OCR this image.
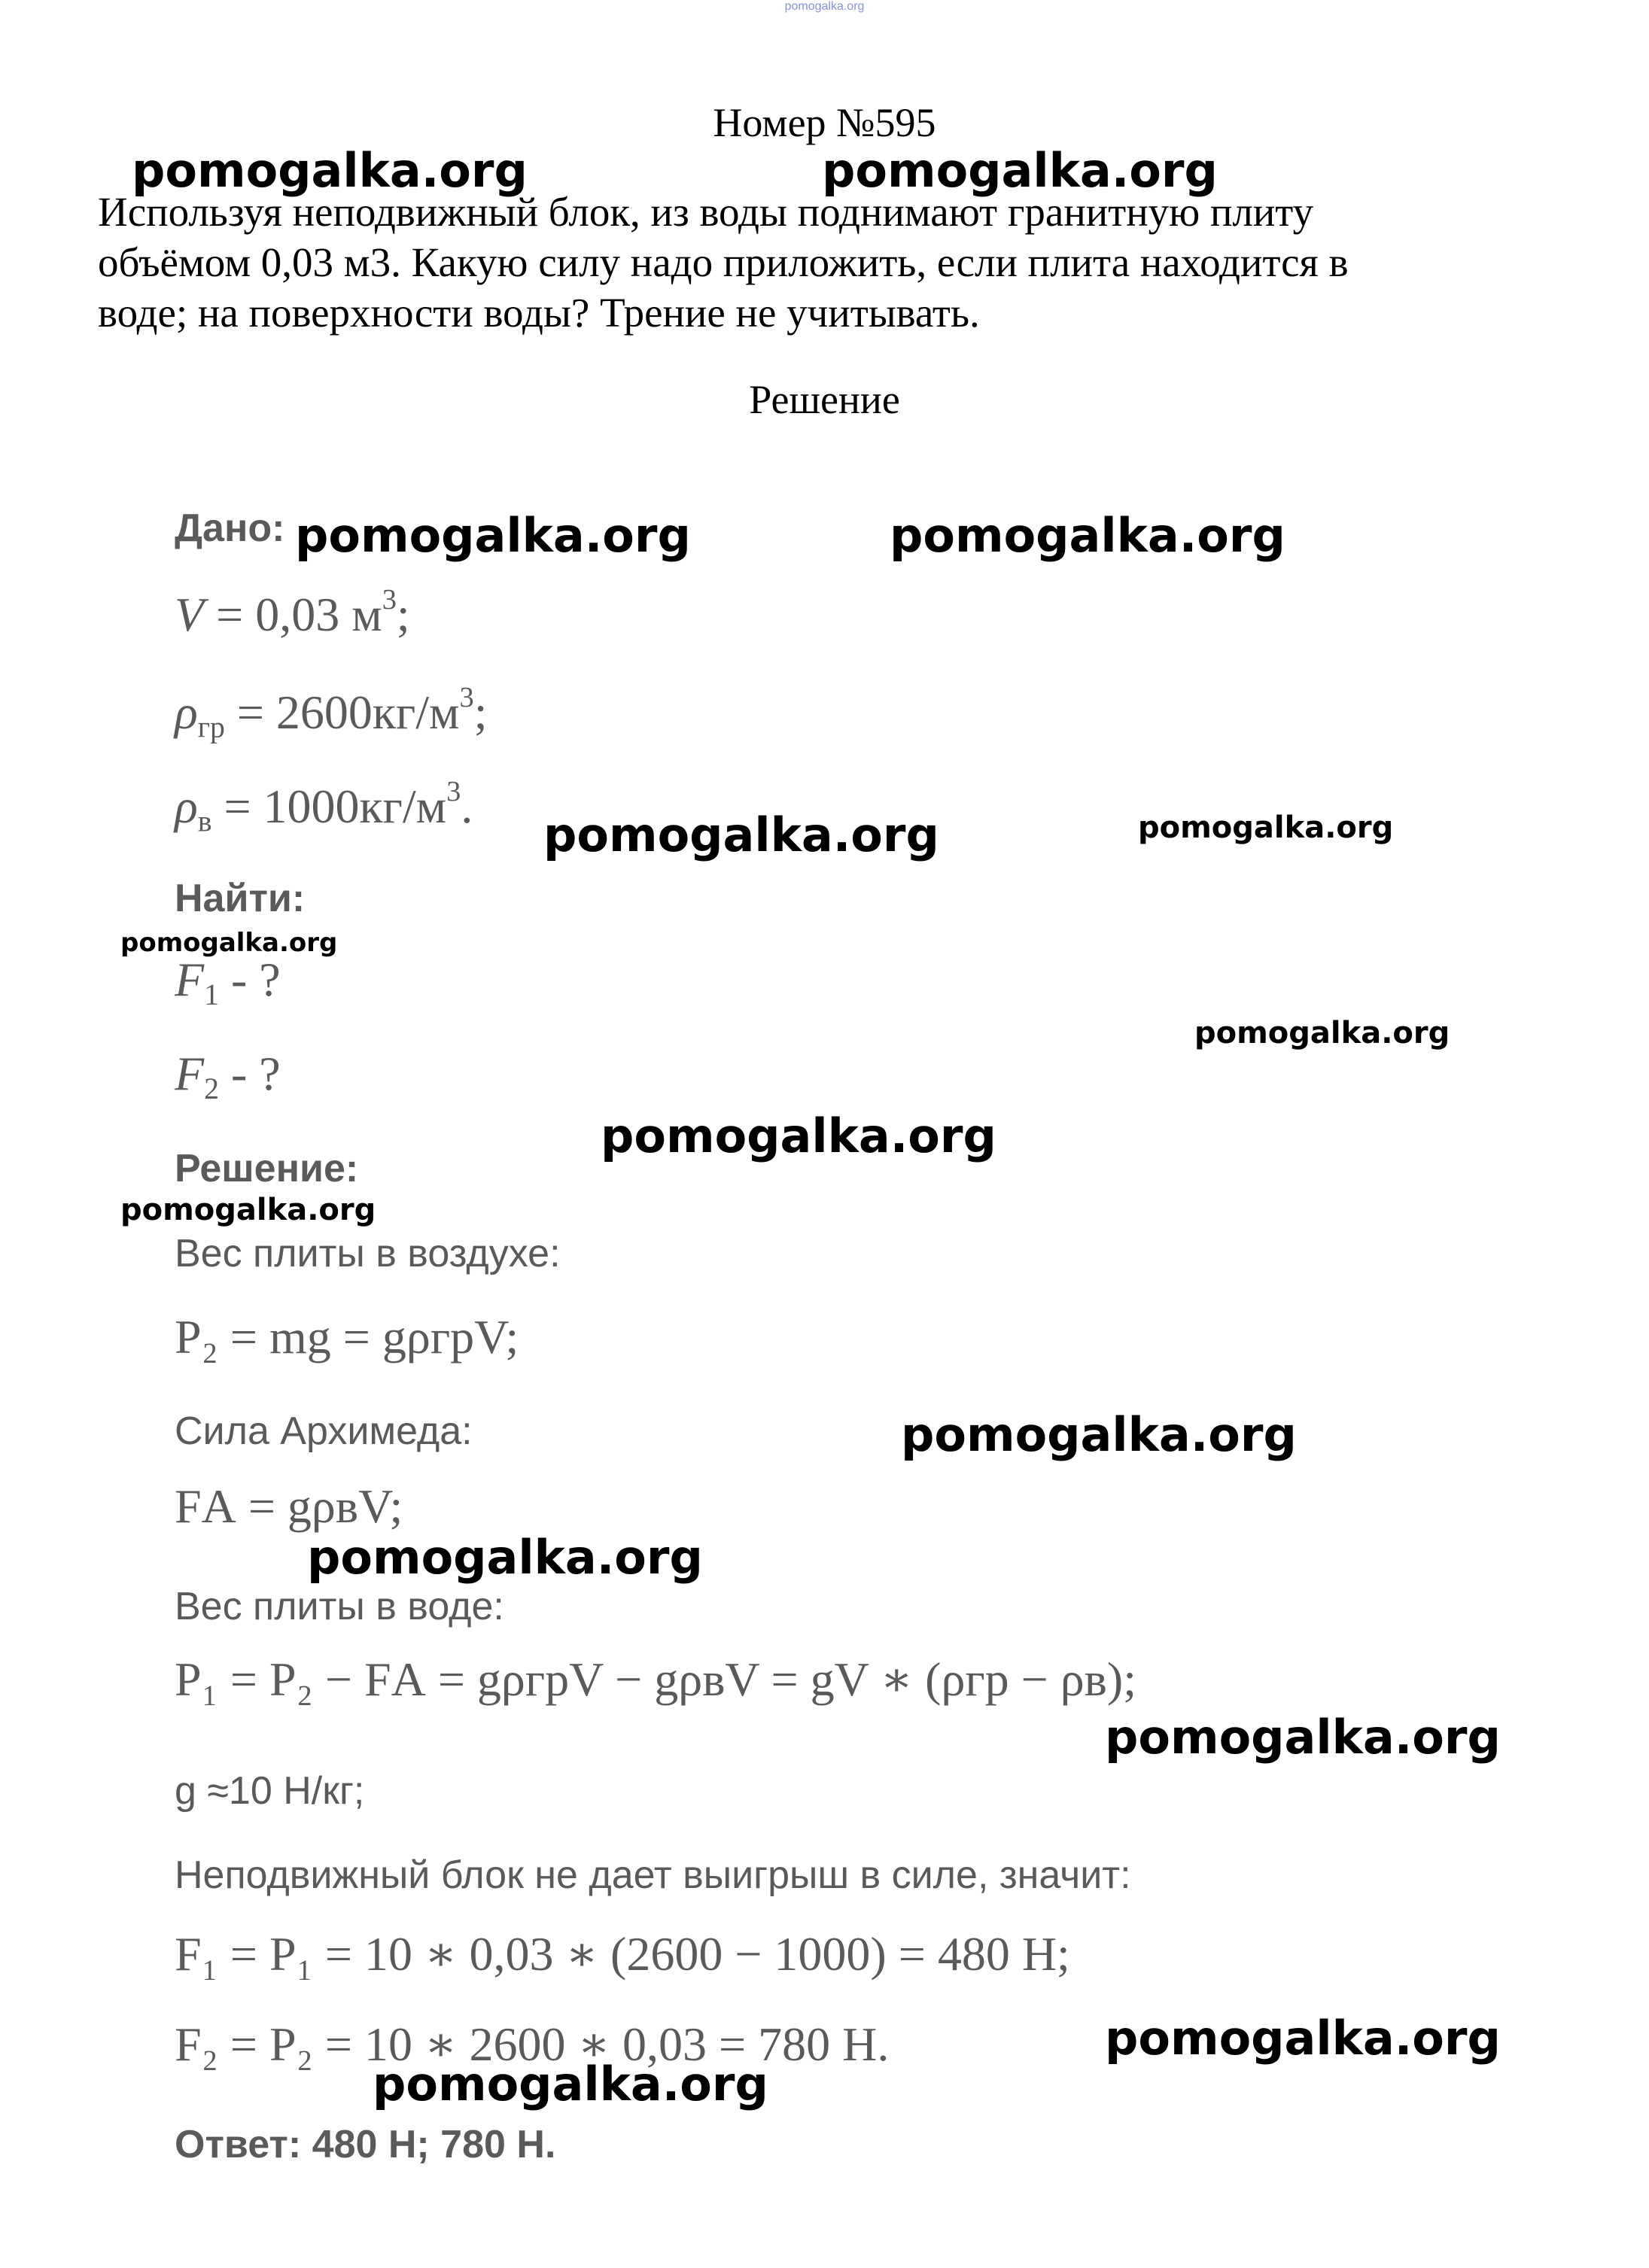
pomogalka.org
Номер №595
Используя неподвижный блок, из воды поднимают гранитную плиту
объёмом 0,03 м3. Какую силу надо приложить, если плита находится в
воде; на поверхности воды? Трение не учитывать.
Решение
Дано:
V = 0,03 $м^3$;
$\rho_{гр} = 2600кг/м^3$;
$\rho_в = 1000кг/м^3$.
Найти:
$F_1$ - ?
$F_2$ - ?
Решение:
Вес плиты в воздухе:
P₂ = mg = gρгрV;
Сила Архимеда:
FА = gρвV;
Вес плиты в воде:
P₁ = P₂ − FА = gρгрV − gρвV = gV ∗ (ρгр − ρв);
g ≈10 Н/кг;
Неподвижный блок не дает выигрыш в силе, значит:
F₁ = P₁ = 10 ∗ 0,03 ∗ (2600 − 1000) = 480 Н;
F₂ = P₂ = 10 ∗ 2600 ∗ 0,03 = 780 Н.
Ответ: 480 Н; 780 Н.
pomogalka.org	pomogalka.org
pomogalka.org	pomogalka.org
pomogalka.org	pomogalka.org
pomogalka.org
pomogalka.org
pomogalka.org
pomogalka.org
pomogalka.org
pomogalka.org
pomogalka.org
pomogalka.org
pomogalka.org
